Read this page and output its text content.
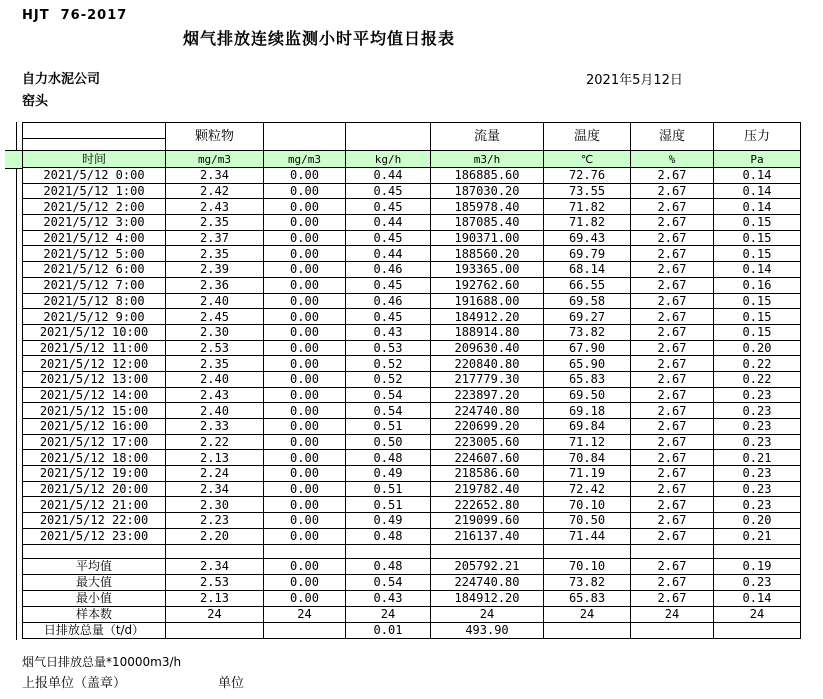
HJT  76-2017
烟气排放连续监测小时平均值日报表
自力水泥公司
窑头
2021年5月12日
	颗粒物			流量	温度	湿度	压力

时间	mg/m3	mg/m3	kg/h	m3/h	℃	%	Pa
2021/5/12 0:00	2.34	0.00	0.44	186885.60	72.76	2.67	0.14
2021/5/12 1:00	2.42	0.00	0.45	187030.20	73.55	2.67	0.14
2021/5/12 2:00	2.43	0.00	0.45	185978.40	71.82	2.67	0.14
2021/5/12 3:00	2.35	0.00	0.44	187085.40	71.82	2.67	0.15
2021/5/12 4:00	2.37	0.00	0.45	190371.00	69.43	2.67	0.15
2021/5/12 5:00	2.35	0.00	0.44	188560.20	69.79	2.67	0.15
2021/5/12 6:00	2.39	0.00	0.46	193365.00	68.14	2.67	0.14
2021/5/12 7:00	2.36	0.00	0.45	192762.60	66.55	2.67	0.16
2021/5/12 8:00	2.40	0.00	0.46	191688.00	69.58	2.67	0.15
2021/5/12 9:00	2.45	0.00	0.45	184912.20	69.27	2.67	0.15
2021/5/12 10:00	2.30	0.00	0.43	188914.80	73.82	2.67	0.15
2021/5/12 11:00	2.53	0.00	0.53	209630.40	67.90	2.67	0.20
2021/5/12 12:00	2.35	0.00	0.52	220840.80	65.90	2.67	0.22
2021/5/12 13:00	2.40	0.00	0.52	217779.30	65.83	2.67	0.22
2021/5/12 14:00	2.43	0.00	0.54	223897.20	69.50	2.67	0.23
2021/5/12 15:00	2.40	0.00	0.54	224740.80	69.18	2.67	0.23
2021/5/12 16:00	2.33	0.00	0.51	220699.20	69.84	2.67	0.23
2021/5/12 17:00	2.22	0.00	0.50	223005.60	71.12	2.67	0.23
2021/5/12 18:00	2.13	0.00	0.48	224607.60	70.84	2.67	0.21
2021/5/12 19:00	2.24	0.00	0.49	218586.60	71.19	2.67	0.23
2021/5/12 20:00	2.34	0.00	0.51	219782.40	72.42	2.67	0.23
2021/5/12 21:00	2.30	0.00	0.51	222652.80	70.10	2.67	0.23
2021/5/12 22:00	2.23	0.00	0.49	219099.60	70.50	2.67	0.20
2021/5/12 23:00	2.20	0.00	0.48	216137.40	71.44	2.67	0.21

平均值	2.34	0.00	0.48	205792.21	70.10	2.67	0.19
最大值	2.53	0.00	0.54	224740.80	73.82	2.67	0.23
最小值	2.13	0.00	0.43	184912.20	65.83	2.67	0.14
样本数	24	24	24	24	24	24	24
日排放总量（t/d）			0.01	493.90			
烟气日排放总量*10000m3/h
上报单位（盖章）	单位
